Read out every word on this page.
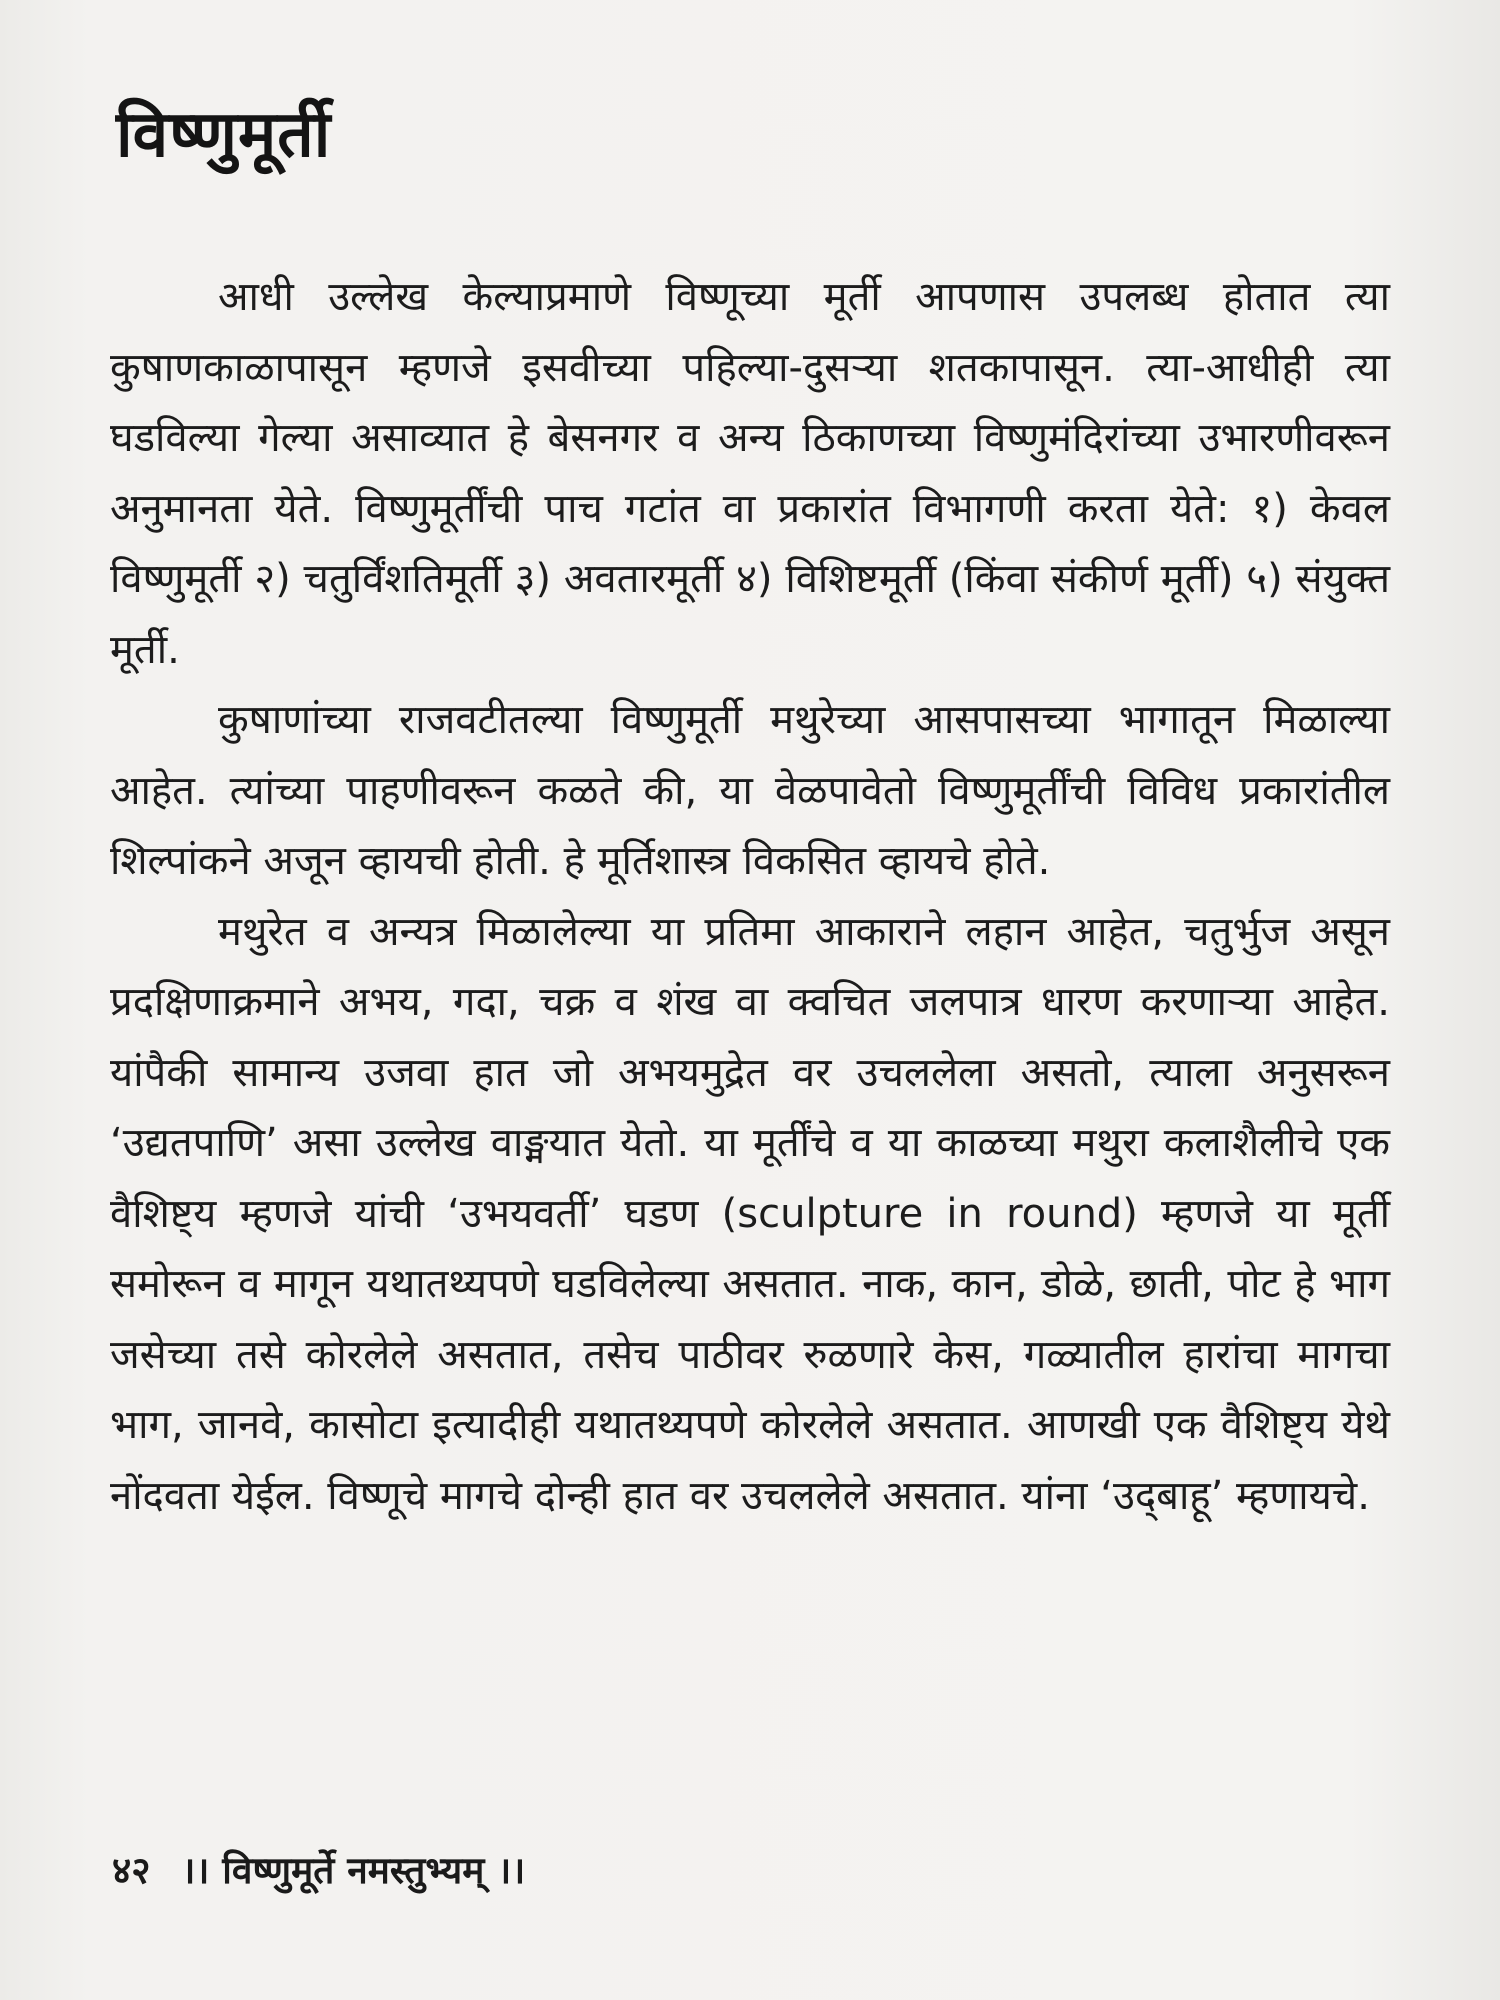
विष्णुमूर्ती

आधी उल्लेख केल्याप्रमाणे विष्णूच्या मूर्ती आपणास उपलब्ध होतात त्या कुषाणकाळापासून म्हणजे इसवीच्या पहिल्या-दुसऱ्या शतकापासून. त्या-आधीही त्या घडविल्या गेल्या असाव्यात हे बेसनगर व अन्य ठिकाणच्या विष्णुमंदिरांच्या उभारणीवरून अनुमानता येते. विष्णुमूर्तींची पाच गटांत वा प्रकारांत विभागणी करता येते: १) केवल विष्णुमूर्ती २) चतुर्विंशतिमूर्ती ३) अवतारमूर्ती ४) विशिष्टमूर्ती (किंवा संकीर्ण मूर्ती) ५) संयुक्त मूर्ती.

कुषाणांच्या राजवटीतल्या विष्णुमूर्ती मथुरेच्या आसपासच्या भागातून मिळाल्या आहेत. त्यांच्या पाहणीवरून कळते की, या वेळपावेतो विष्णुमूर्तींची विविध प्रकारांतील शिल्पांकने अजून व्हायची होती. हे मूर्तिशास्त्र विकसित व्हायचे होते.

मथुरेत व अन्यत्र मिळालेल्या या प्रतिमा आकाराने लहान आहेत, चतुर्भुज असून प्रदक्षिणाक्रमाने अभय, गदा, चक्र व शंख वा क्वचित जलपात्र धारण करणाऱ्या आहेत. यांपैकी सामान्य उजवा हात जो अभयमुद्रेत वर उचललेला असतो, त्याला अनुसरून ‘उद्यतपाणि’ असा उल्लेख वाङ्मयात येतो. या मूर्तींचे व या काळच्या मथुरा कलाशैलीचे एक वैशिष्ट्य म्हणजे यांची ‘उभयवर्ती’ घडण (sculpture in round) म्हणजे या मूर्ती समोरून व मागून यथातथ्यपणे घडविलेल्या असतात. नाक, कान, डोळे, छाती, पोट हे भाग जसेच्या तसे कोरलेले असतात, तसेच पाठीवर रुळणारे केस, गळ्यातील हारांचा मागचा भाग, जानवे, कासोटा इत्यादीही यथातथ्यपणे कोरलेले असतात. आणखी एक वैशिष्ट्य येथे नोंदवता येईल. विष्णूचे मागचे दोन्ही हात वर उचललेले असतात. यांना ‘उद्‌बाहू’ म्हणायचे.

४२ ।। विष्णुमूर्ते नमस्तुभ्यम् ।।
